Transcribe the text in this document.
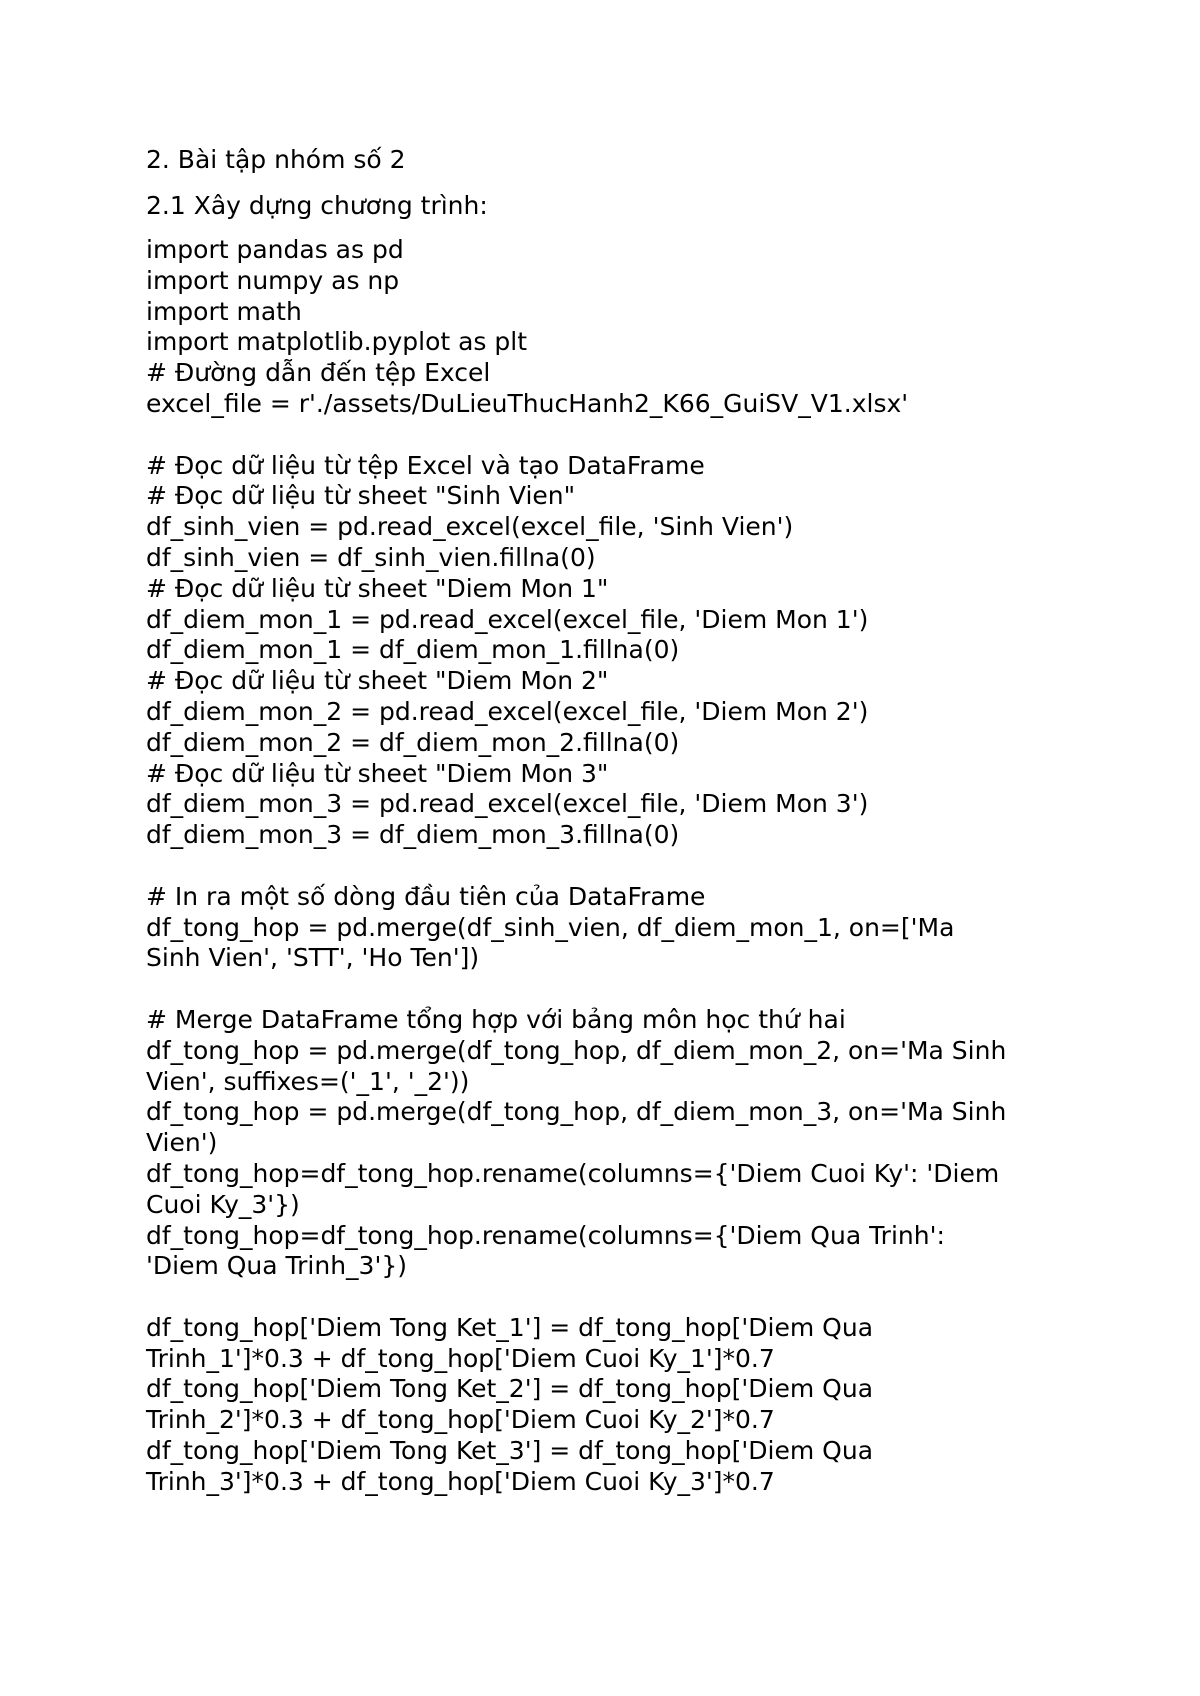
2. Bài tập nhóm số 2

2.1 Xây dựng chương trình:

import pandas as pd
import numpy as np
import math
import matplotlib.pyplot as plt
# Đường dẫn đến tệp Excel
excel_file = r'./assets/DuLieuThucHanh2_K66_GuiSV_V1.xlsx'
# Đọc dữ liệu từ tệp Excel và tạo DataFrame
# Đọc dữ liệu từ sheet "Sinh Vien"
df_sinh_vien = pd.read_excel(excel_file, 'Sinh Vien')
df_sinh_vien = df_sinh_vien.fillna(0)
# Đọc dữ liệu từ sheet "Diem Mon 1"
df_diem_mon_1 = pd.read_excel(excel_file, 'Diem Mon 1')
df_diem_mon_1 = df_diem_mon_1.fillna(0)
# Đọc dữ liệu từ sheet "Diem Mon 2"
df_diem_mon_2 = pd.read_excel(excel_file, 'Diem Mon 2')
df_diem_mon_2 = df_diem_mon_2.fillna(0)
# Đọc dữ liệu từ sheet "Diem Mon 3"
df_diem_mon_3 = pd.read_excel(excel_file, 'Diem Mon 3')
df_diem_mon_3 = df_diem_mon_3.fillna(0)
# In ra một số dòng đầu tiên của DataFrame
df_tong_hop = pd.merge(df_sinh_vien, df_diem_mon_1, on=['Ma
Sinh Vien', 'STT', 'Ho Ten'])
# Merge DataFrame tổng hợp với bảng môn học thứ hai
df_tong_hop = pd.merge(df_tong_hop, df_diem_mon_2, on='Ma Sinh
Vien', suffixes=('_1', '_2'))
df_tong_hop = pd.merge(df_tong_hop, df_diem_mon_3, on='Ma Sinh
Vien')
df_tong_hop=df_tong_hop.rename(columns={'Diem Cuoi Ky': 'Diem
Cuoi Ky_3'})
df_tong_hop=df_tong_hop.rename(columns={'Diem Qua Trinh':
'Diem Qua Trinh_3'})
df_tong_hop['Diem Tong Ket_1'] = df_tong_hop['Diem Qua
Trinh_1']*0.3 + df_tong_hop['Diem Cuoi Ky_1']*0.7
df_tong_hop['Diem Tong Ket_2'] = df_tong_hop['Diem Qua
Trinh_2']*0.3 + df_tong_hop['Diem Cuoi Ky_2']*0.7
df_tong_hop['Diem Tong Ket_3'] = df_tong_hop['Diem Qua
Trinh_3']*0.3 + df_tong_hop['Diem Cuoi Ky_3']*0.7
